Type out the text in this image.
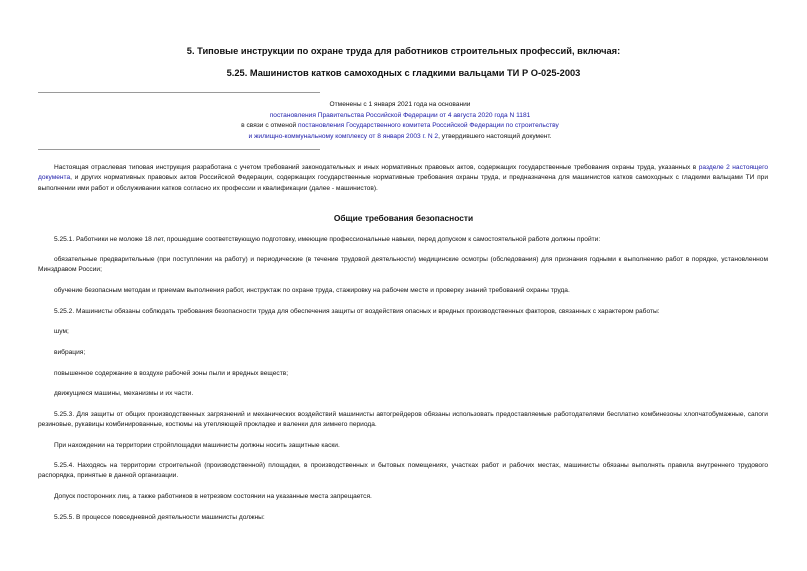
5. Типовые инструкции по охране труда для работников строительных профессий, включая:
5.25. Машинистов катков самоходных с гладкими вальцами ТИ Р О-025-2003
Отменены с 1 января 2021 года на основании
постановления Правительства Российской Федерации от 4 августа 2020 года N 1181
в связи с отменой постановления Государственного комитета Российской Федерации по строительству
и жилищно-коммунальному комплексу от 8 января 2003 г. N 2, утвердившего настоящий документ.
Настоящая отраслевая типовая инструкция разработана с учетом требований законодательных и иных нормативных правовых актов, содержащих государственные требования охраны труда, указанных в разделе 2 настоящего документа, и других нормативных правовых актов Российской Федерации, содержащих государственные нормативные требования охраны труда, и предназначена для машинистов катков самоходных с гладкими вальцами ТИ при выполнении ими работ и обслуживании катков согласно их профессии и квалификации (далее - машинистов).
Общие требования безопасности
5.25.1. Работники не моложе 18 лет, прошедшие соответствующую подготовку, имеющие профессиональные навыки, перед допуском к самостоятельной работе должны пройти:
обязательные предварительные (при поступлении на работу) и периодические (в течение трудовой деятельности) медицинские осмотры (обследования) для признания годными к выполнению работ в порядке, установленном Минздравом России;
обучение безопасным методам и приемам выполнения работ, инструктаж по охране труда, стажировку на рабочем месте и проверку знаний требований охраны труда.
5.25.2. Машинисты обязаны соблюдать требования безопасности труда для обеспечения защиты от воздействия опасных и вредных производственных факторов, связанных с характером работы:
шум;
вибрация;
повышенное содержание в воздухе рабочей зоны пыли и вредных веществ;
движущиеся машины, механизмы и их части.
5.25.3. Для защиты от общих производственных загрязнений и механических воздействий машинисты автогрейдеров обязаны использовать предоставляемые работодателями бесплатно комбинезоны хлопчатобумажные, сапоги резиновые, рукавицы комбинированные, костюмы на утепляющей прокладке и валенки для зимнего периода.
При нахождении на территории стройплощадки машинисты должны носить защитные каски.
5.25.4. Находясь на территории строительной (производственной) площадки, в производственных и бытовых помещениях, участках работ и рабочих местах, машинисты обязаны выполнять правила внутреннего трудового распорядка, принятые в данной организации.
Допуск посторонних лиц, а также работников в нетрезвом состоянии на указанные места запрещается.
5.25.5. В процессе повседневной деятельности машинисты должны:
